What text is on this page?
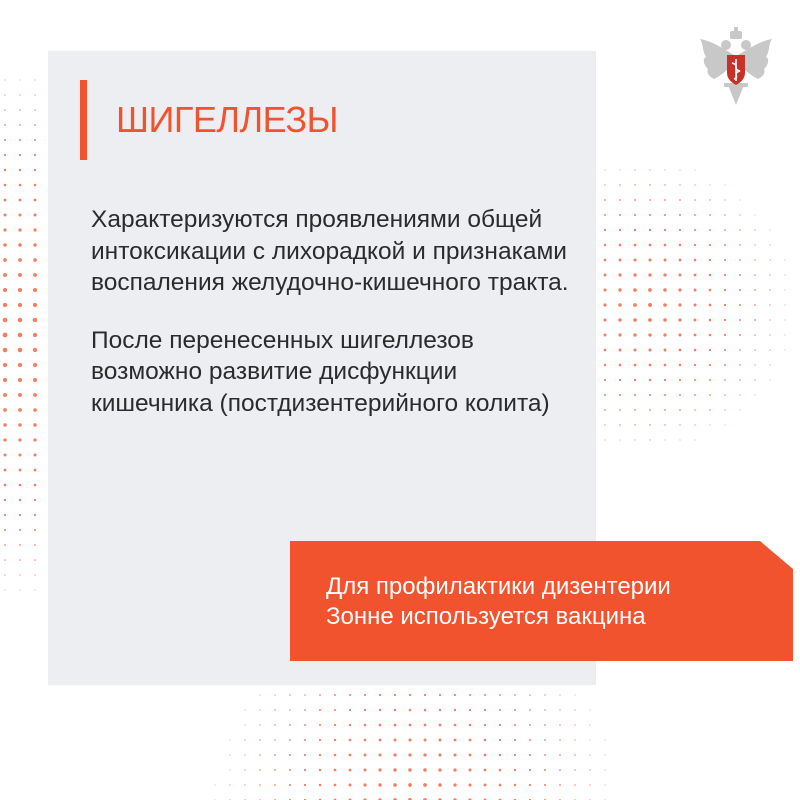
ШИГЕЛЛЕЗЫ

Характеризуются проявлениями общей интоксикации с лихорадкой и признаками воспаления желудочно-кишечного тракта.

После перенесенных шигеллезов возможно развитие дисфункции кишечника (постдизентерийного колита)

Для профилактики дизентерии
Зонне используется вакцина
